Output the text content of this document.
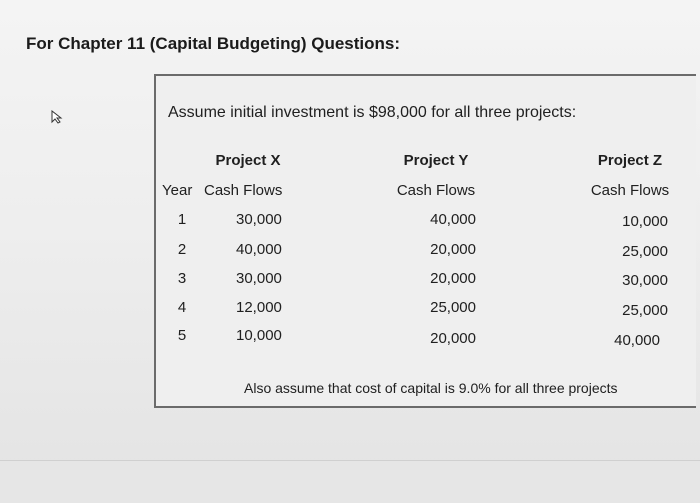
For Chapter 11 (Capital Budgeting) Questions:
Assume initial investment is $98,000 for all three projects:
Project X	Project Y	Project Z
Year Cash Flows	Cash Flows	Cash Flows
1	30,000	40,000	10,000
2	40,000	20,000	25,000
3	30,000	20,000	30,000
4	12,000	25,000	25,000
5	10,000	20,000	40,000
Also assume that cost of capital is 9.0% for all three projects
